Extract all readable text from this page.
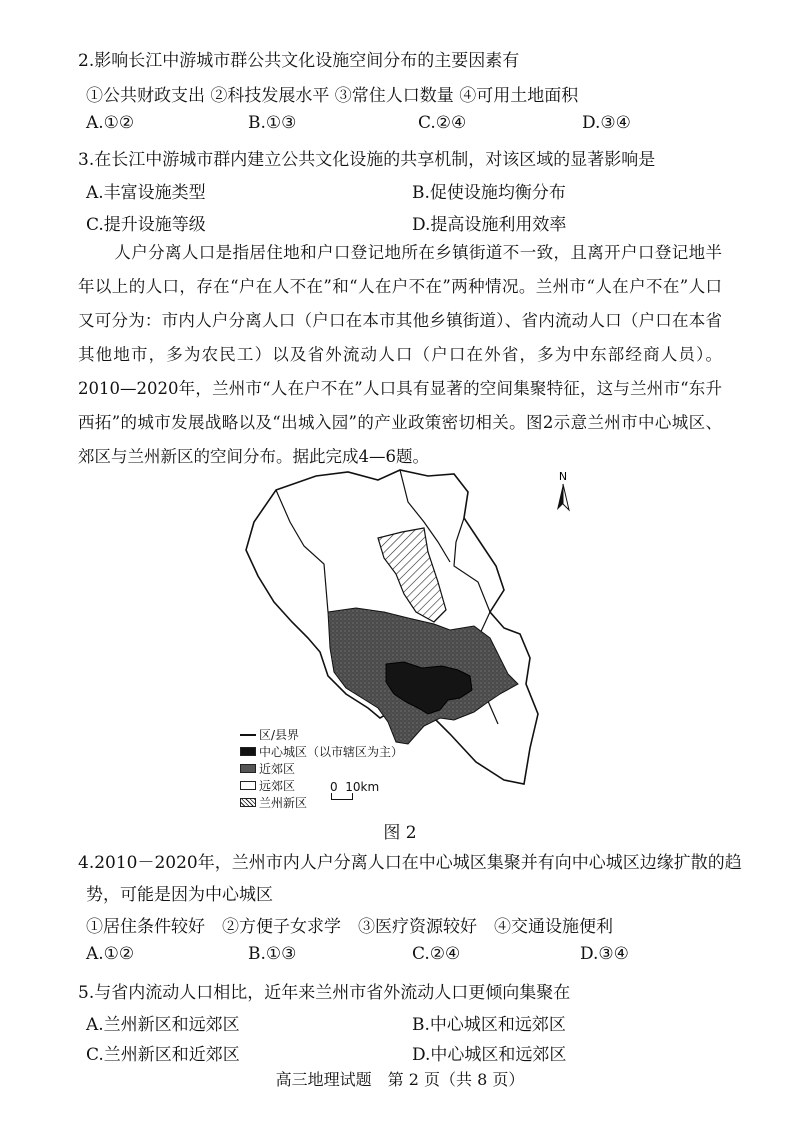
2.影响长江中游城市群公共文化设施空间分布的主要因素有
①公共财政支出 ②科技发展水平 ③常住人口数量 ④可用土地面积
A.①②	B.①③	C.②④	D.③④
3.在长江中游城市群内建立公共文化设施的共享机制，对该区域的显著影响是
A.丰富设施类型	B.促使设施均衡分布
C.提升设施等级	D.提高设施利用效率
人户分离人口是指居住地和户口登记地所在乡镇街道不一致，且离开户口登记地半年以上的人口，存在“户在人不在”和“人在户不在”两种情况。兰州市“人在户不在”人口又可分为：市内人户分离人口（户口在本市其他乡镇街道）、省内流动人口（户口在本省其他地市，多为农民工）以及省外流动人口（户口在外省，多为中东部经商人员）。2010—2020年，兰州市“人在户不在”人口具有显著的空间集聚特征，这与兰州市“东升西拓”的城市发展战略以及“出城入园”的产业政策密切相关。图2示意兰州市中心城区、郊区与兰州新区的空间分布。据此完成4—6题。
N
区/县界
中心城区（以市辖区为主）
近郊区
远郊区
兰州新区
0  10km
图 2
4.2010－2020年，兰州市内人户分离人口在中心城区集聚并有向中心城区边缘扩散的趋
势，可能是因为中心城区
①居住条件较好　②方便子女求学　③医疗资源较好　④交通设施便利
A.①②	B.①③	C.②④	D.③④
5.与省内流动人口相比，近年来兰州市省外流动人口更倾向集聚在
A.兰州新区和远郊区	B.中心城区和远郊区
C.兰州新区和近郊区	D.中心城区和远郊区
高三地理试题　第 2 页（共 8 页）
